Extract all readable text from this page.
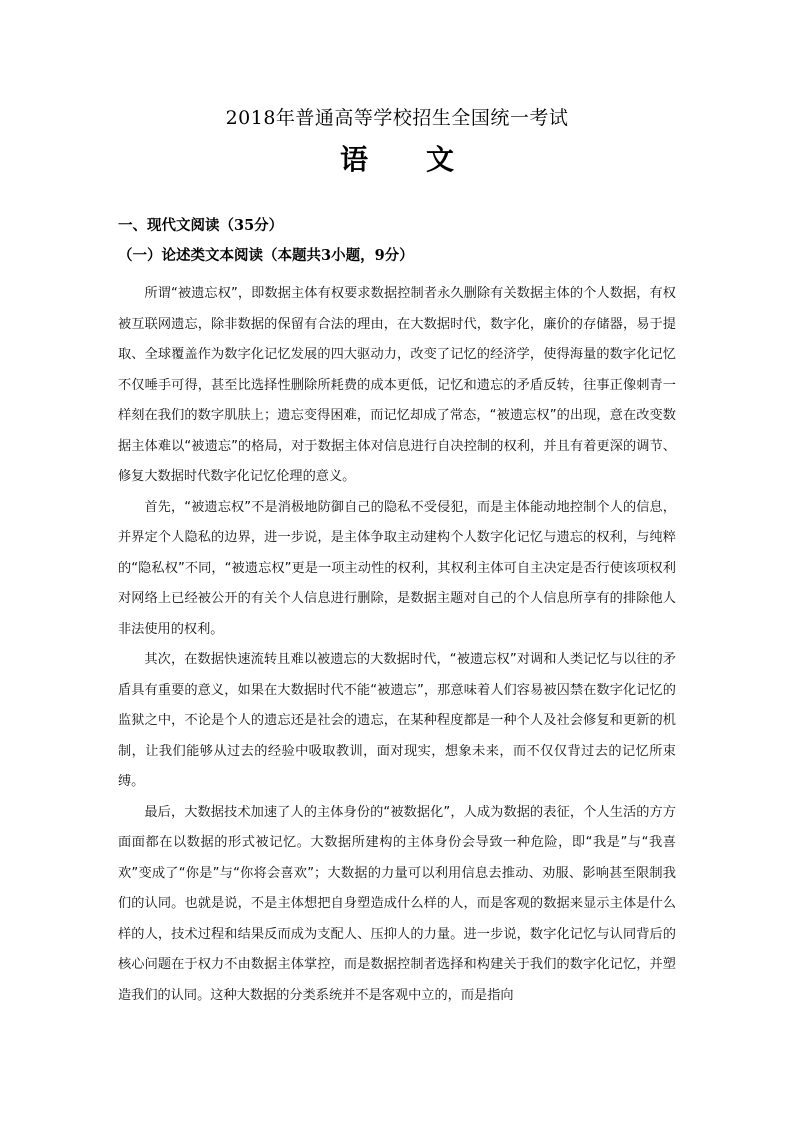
2018年普通高等学校招生全国统一考试
语文
一、现代文阅读（35分）
（一）论述类文本阅读（本题共3小题，9分）

所谓“被遗忘权”，即数据主体有权要求数据控制者永久删除有关数据主体的个人数据，有权被互联网遗忘，除非数据的保留有合法的理由，在大数据时代，数字化，廉价的存储器，易于提取、全球覆盖作为数字化记忆发展的四大驱动力，改变了记忆的经济学，使得海量的数字化记忆不仅唾手可得，甚至比选择性删除所耗费的成本更低，记忆和遗忘的矛盾反转，往事正像刺青一样刻在我们的数字肌肤上；遗忘变得困难，而记忆却成了常态，“被遗忘权”的出现，意在改变数据主体难以“被遗忘”的格局，对于数据主体对信息进行自决控制的权利，并且有着更深的调节、修复大数据时代数字化记忆伦理的意义。

首先，“被遗忘权”不是消极地防御自己的隐私不受侵犯，而是主体能动地控制个人的信息，并界定个人隐私的边界，进一步说，是主体争取主动建构个人数字化记忆与遗忘的权利，与纯粹的“隐私权”不同，“被遗忘权”更是一项主动性的权利，其权利主体可自主决定是否行使该项权利对网络上已经被公开的有关个人信息进行删除，是数据主题对自己的个人信息所享有的排除他人非法使用的权利。

其次，在数据快速流转且难以被遗忘的大数据时代，“被遗忘权”对调和人类记忆与以往的矛盾具有重要的意义，如果在大数据时代不能“被遗忘”，那意味着人们容易被囚禁在数字化记忆的监狱之中，不论是个人的遗忘还是社会的遗忘，在某种程度都是一种个人及社会修复和更新的机制，让我们能够从过去的经验中吸取教训，面对现实，想象未来，而不仅仅背过去的记忆所束缚。

最后，大数据技术加速了人的主体身份的“被数据化”，人成为数据的表征，个人生活的方方面面都在以数据的形式被记忆。大数据所建构的主体身份会导致一种危险，即“我是”与“我喜欢”变成了“你是”与“你将会喜欢”；大数据的力量可以利用信息去推动、劝服、影响甚至限制我们的认同。也就是说，不是主体想把自身塑造成什么样的人，而是客观的数据来显示主体是什么样的人，技术过程和结果反而成为支配人、压抑人的力量。进一步说，数字化记忆与认同背后的核心问题在于权力不由数据主体掌控，而是数据控制者选择和构建关于我们的数字化记忆，并塑造我们的认同。这种大数据的分类系统并不是客观中立的，而是指向
